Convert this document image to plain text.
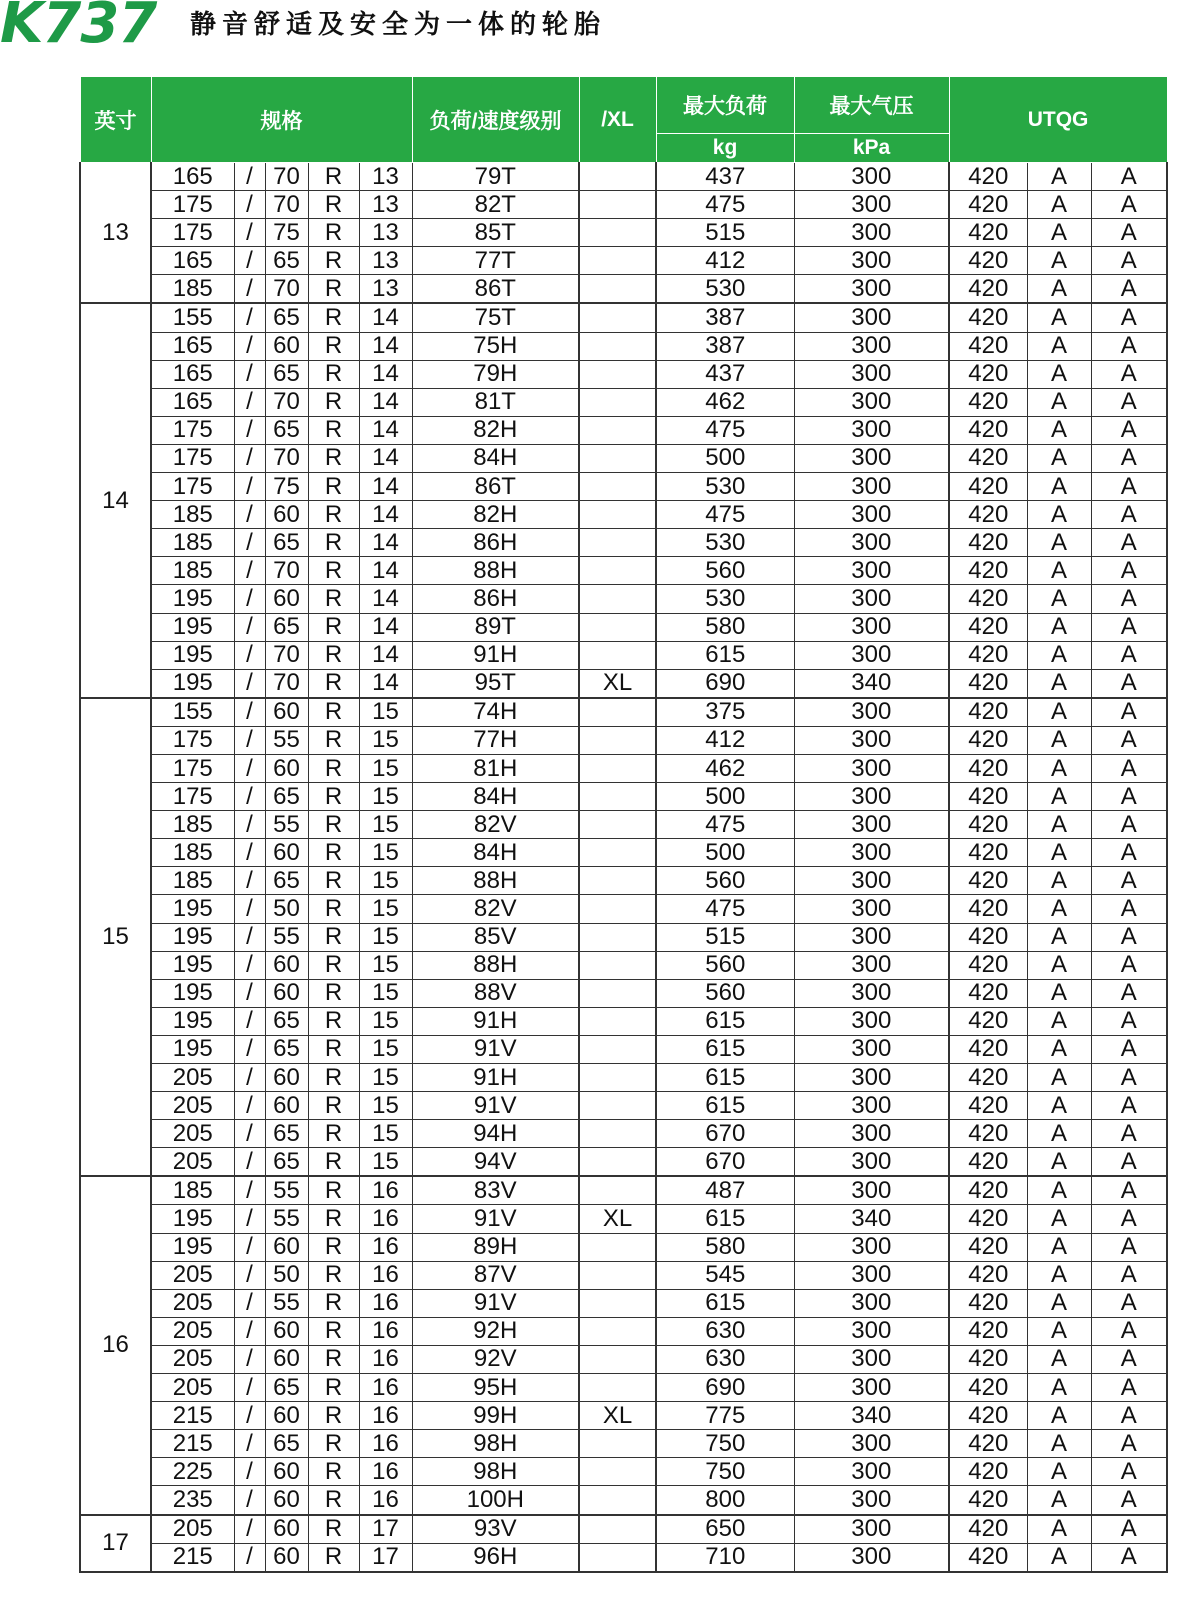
K737 静音舒适及安全为一体的轮胎
英寸	规格					负荷/速度级别	/XL	最大负荷	最大气压	UTQG		
								kg	kPa			
13	165	/	70	R	13	79T		437	300	420	A	A
	175	/	70	R	13	82T		475	300	420	A	A
	175	/	75	R	13	85T		515	300	420	A	A
	165	/	65	R	13	77T		412	300	420	A	A
	185	/	70	R	13	86T		530	300	420	A	A
14	155	/	65	R	14	75T		387	300	420	A	A
	165	/	60	R	14	75H		387	300	420	A	A
	165	/	65	R	14	79H		437	300	420	A	A
	165	/	70	R	14	81T		462	300	420	A	A
	175	/	65	R	14	82H		475	300	420	A	A
	175	/	70	R	14	84H		500	300	420	A	A
	175	/	75	R	14	86T		530	300	420	A	A
	185	/	60	R	14	82H		475	300	420	A	A
	185	/	65	R	14	86H		530	300	420	A	A
	185	/	70	R	14	88H		560	300	420	A	A
	195	/	60	R	14	86H		530	300	420	A	A
	195	/	65	R	14	89T		580	300	420	A	A
	195	/	70	R	14	91H		615	300	420	A	A
	195	/	70	R	14	95T	XL	690	340	420	A	A
15	155	/	60	R	15	74H		375	300	420	A	A
	175	/	55	R	15	77H		412	300	420	A	A
	175	/	60	R	15	81H		462	300	420	A	A
	175	/	65	R	15	84H		500	300	420	A	A
	185	/	55	R	15	82V		475	300	420	A	A
	185	/	60	R	15	84H		500	300	420	A	A
	185	/	65	R	15	88H		560	300	420	A	A
	195	/	50	R	15	82V		475	300	420	A	A
	195	/	55	R	15	85V		515	300	420	A	A
	195	/	60	R	15	88H		560	300	420	A	A
	195	/	60	R	15	88V		560	300	420	A	A
	195	/	65	R	15	91H		615	300	420	A	A
	195	/	65	R	15	91V		615	300	420	A	A
	205	/	60	R	15	91H		615	300	420	A	A
	205	/	60	R	15	91V		615	300	420	A	A
	205	/	65	R	15	94H		670	300	420	A	A
	205	/	65	R	15	94V		670	300	420	A	A
16	185	/	55	R	16	83V		487	300	420	A	A
	195	/	55	R	16	91V	XL	615	340	420	A	A
	195	/	60	R	16	89H		580	300	420	A	A
	205	/	50	R	16	87V		545	300	420	A	A
	205	/	55	R	16	91V		615	300	420	A	A
	205	/	60	R	16	92H		630	300	420	A	A
	205	/	60	R	16	92V		630	300	420	A	A
	205	/	65	R	16	95H		690	300	420	A	A
	215	/	60	R	16	99H	XL	775	340	420	A	A
	215	/	65	R	16	98H		750	300	420	A	A
	225	/	60	R	16	98H		750	300	420	A	A
	235	/	60	R	16	100H		800	300	420	A	A
17	205	/	60	R	17	93V		650	300	420	A	A
	215	/	60	R	17	96H		710	300	420	A	A
